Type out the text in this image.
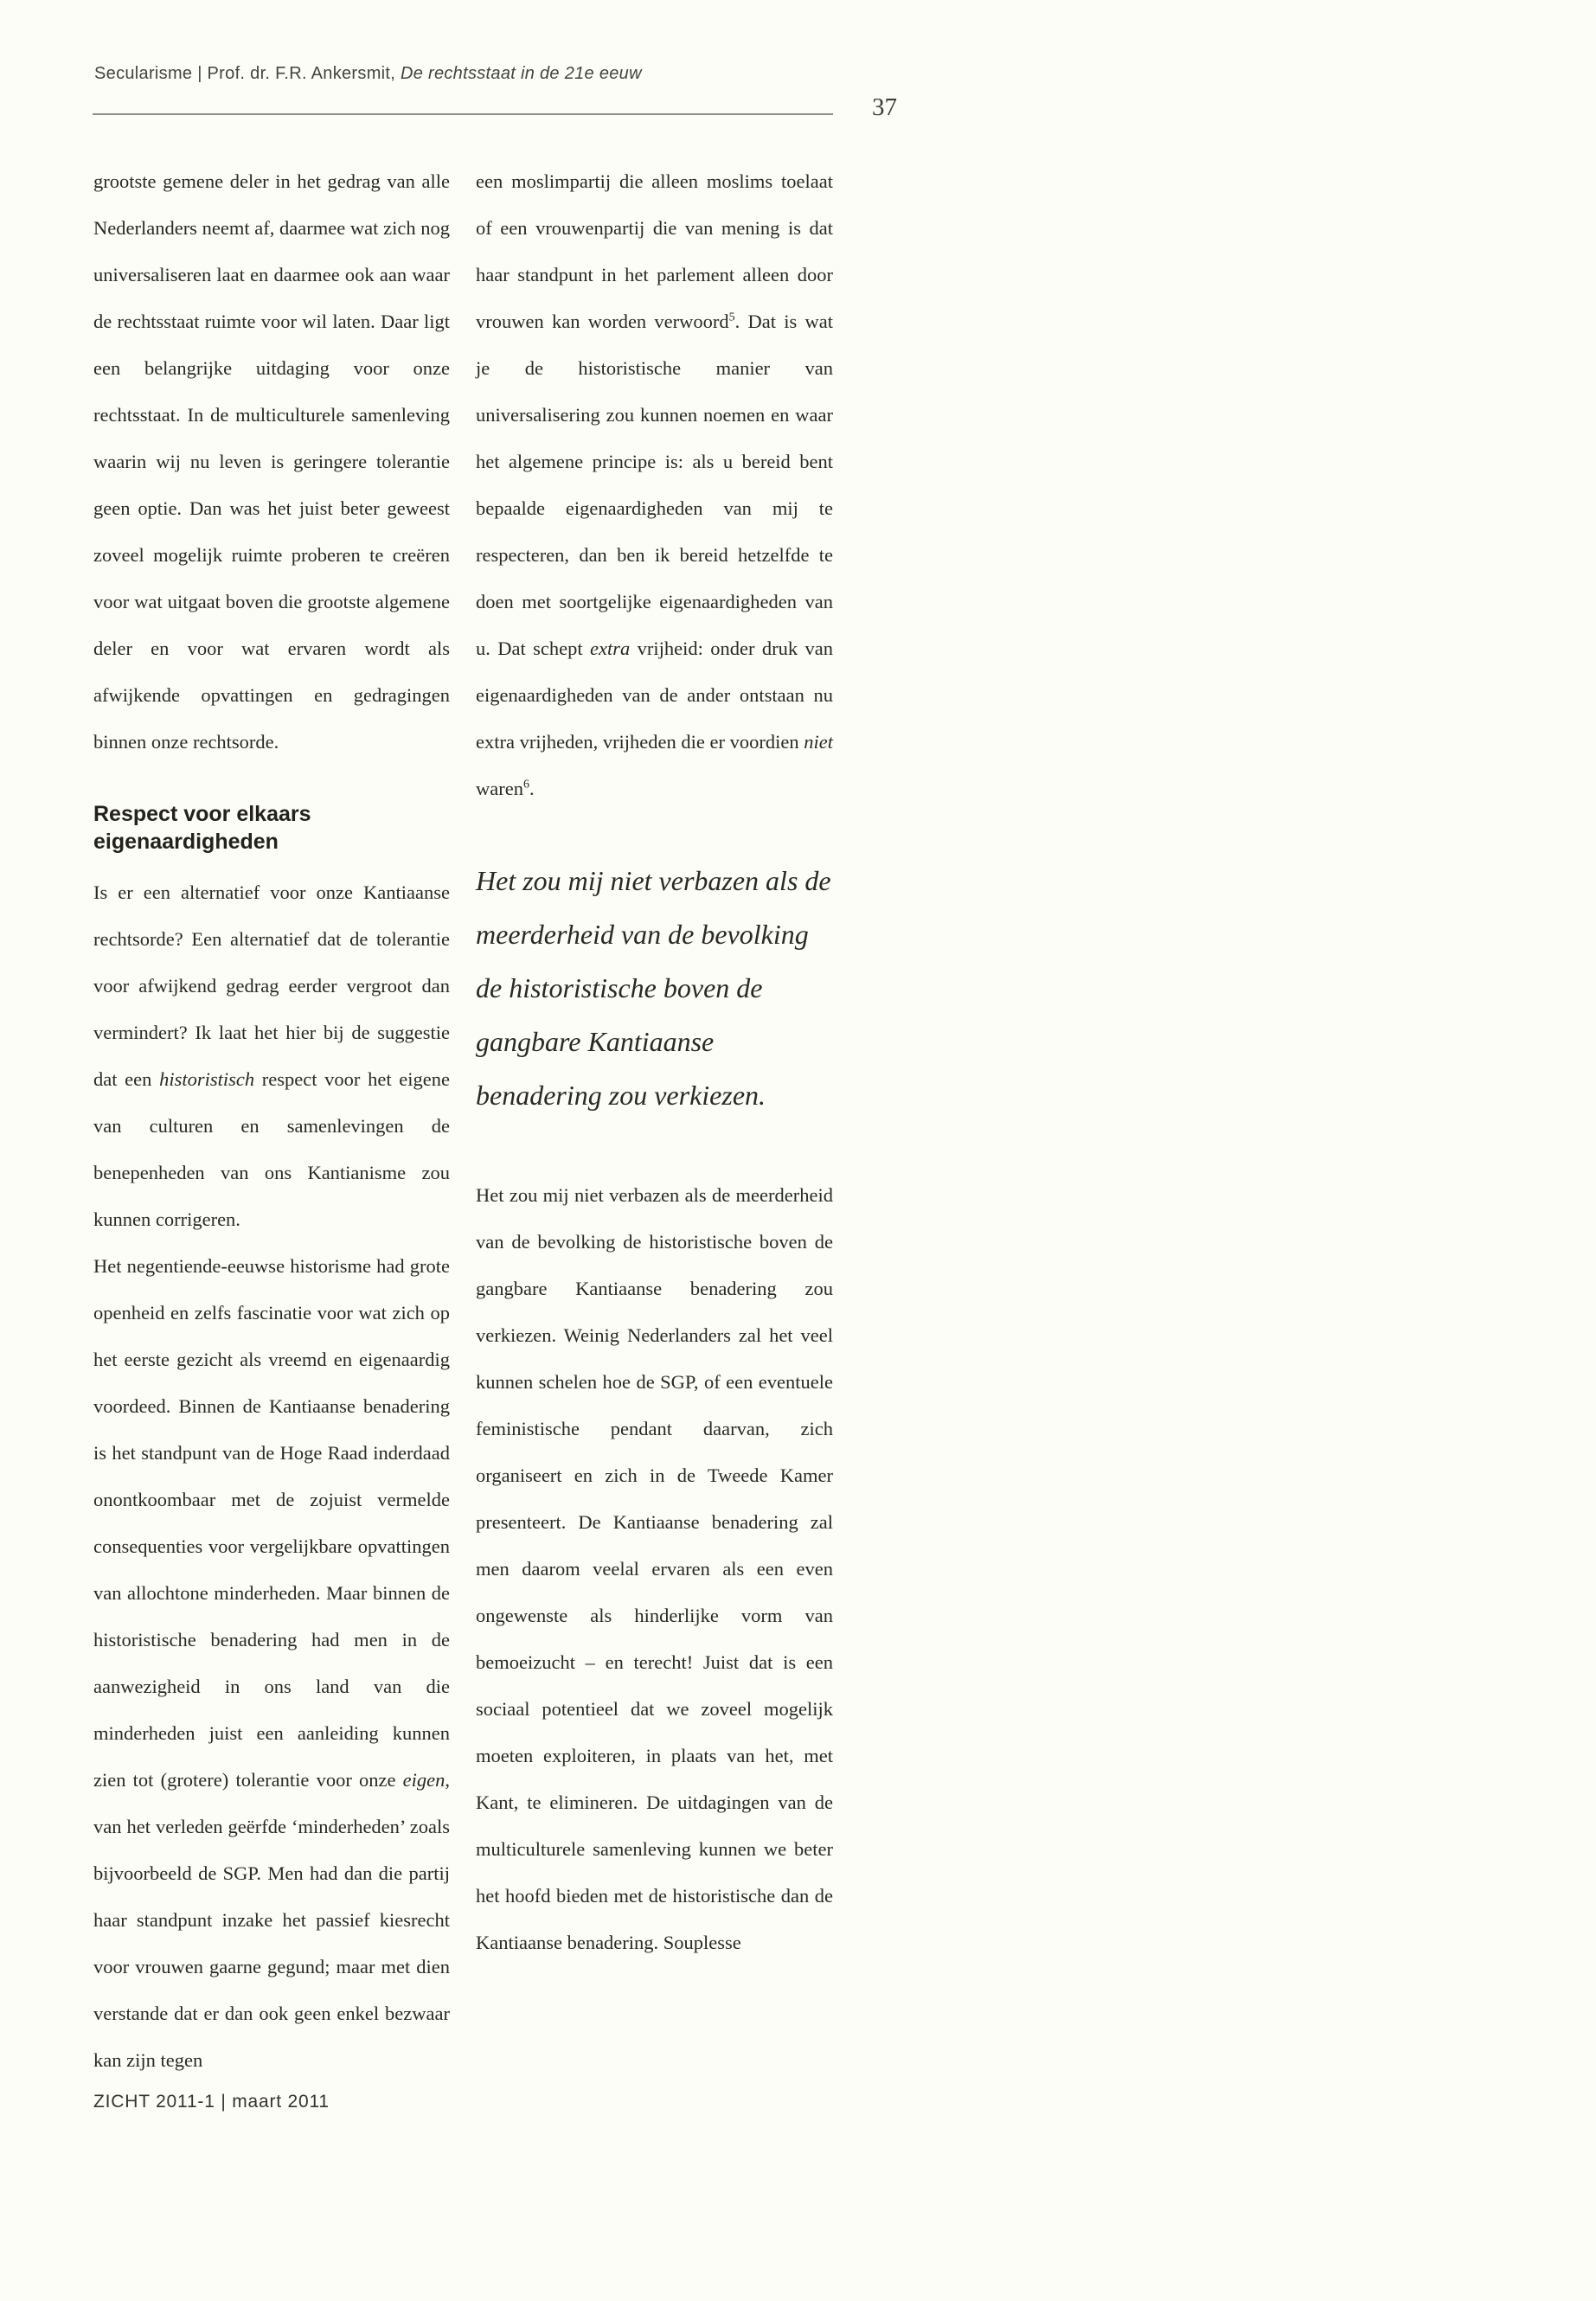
Secularisme | Prof. dr. F.R. Ankersmit, De rechtsstaat in de 21e eeuw
37

grootste gemene deler in het gedrag van alle Nederlanders neemt af, daarmee wat zich nog universaliseren laat en daarmee ook aan waar de rechtsstaat ruimte voor wil laten. Daar ligt een belangrijke uitdaging voor onze rechtsstaat. In de multiculturele samenleving waarin wij nu leven is geringere tolerantie geen optie. Dan was het juist beter geweest zoveel mogelijk ruimte proberen te creëren voor wat uitgaat boven die grootste algemene deler en voor wat ervaren wordt als afwijkende opvattingen en gedragingen binnen onze rechtsorde.

Respect voor elkaars eigenaardigheden

Is er een alternatief voor onze Kantiaanse rechtsorde? Een alternatief dat de tolerantie voor afwijkend gedrag eerder vergroot dan vermindert? Ik laat het hier bij de suggestie dat een historistisch respect voor het eigene van culturen en samenlevingen de benepenheden van ons Kantianisme zou kunnen corrigeren.

Het negentiende-eeuwse historisme had grote openheid en zelfs fascinatie voor wat zich op het eerste gezicht als vreemd en eigenaardig voordeed. Binnen de Kantiaanse benadering is het standpunt van de Hoge Raad inderdaad onontkoombaar met de zojuist vermelde consequenties voor vergelijkbare opvattingen van allochtone minderheden. Maar binnen de historistische benadering had men in de aanwezigheid in ons land van die minderheden juist een aanleiding kunnen zien tot (grotere) tolerantie voor onze eigen, van het verleden geërfde ‘minderheden’ zoals bijvoorbeeld de SGP. Men had dan die partij haar standpunt inzake het passief kiesrecht voor vrouwen gaarne gegund; maar met dien verstande dat er dan ook geen enkel bezwaar kan zijn tegen

een moslimpartij die alleen moslims toelaat of een vrouwenpartij die van mening is dat haar standpunt in het parlement alleen door vrouwen kan worden verwoord$^5$. Dat is wat je de historistische manier van universalisering zou kunnen noemen en waar het algemene principe is: als u bereid bent bepaalde eigenaardigheden van mij te respecteren, dan ben ik bereid hetzelfde te doen met soortgelijke eigenaardigheden van u. Dat schept extra vrijheid: onder druk van eigenaardigheden van de ander ontstaan nu extra vrijheden, vrijheden die er voordien niet waren$^6$.

Het zou mij niet verbazen als de meerderheid van de bevolking de historistische boven de gangbare Kantiaanse benadering zou verkiezen.

Het zou mij niet verbazen als de meerderheid van de bevolking de historistische boven de gangbare Kantiaanse benadering zou verkiezen. Weinig Nederlanders zal het veel kunnen schelen hoe de SGP, of een eventuele feministische pendant daarvan, zich organiseert en zich in de Tweede Kamer presenteert. De Kantiaanse benadering zal men daarom veelal ervaren als een even ongewenste als hinderlijke vorm van bemoeizucht – en terecht! Juist dat is een sociaal potentieel dat we zoveel mogelijk moeten exploiteren, in plaats van het, met Kant, te elimineren. De uitdagingen van de multiculturele samenleving kunnen we beter het hoofd bieden met de historistische dan de Kantiaanse benadering. Souplesse

ZICHT 2011-1 | maart 2011
